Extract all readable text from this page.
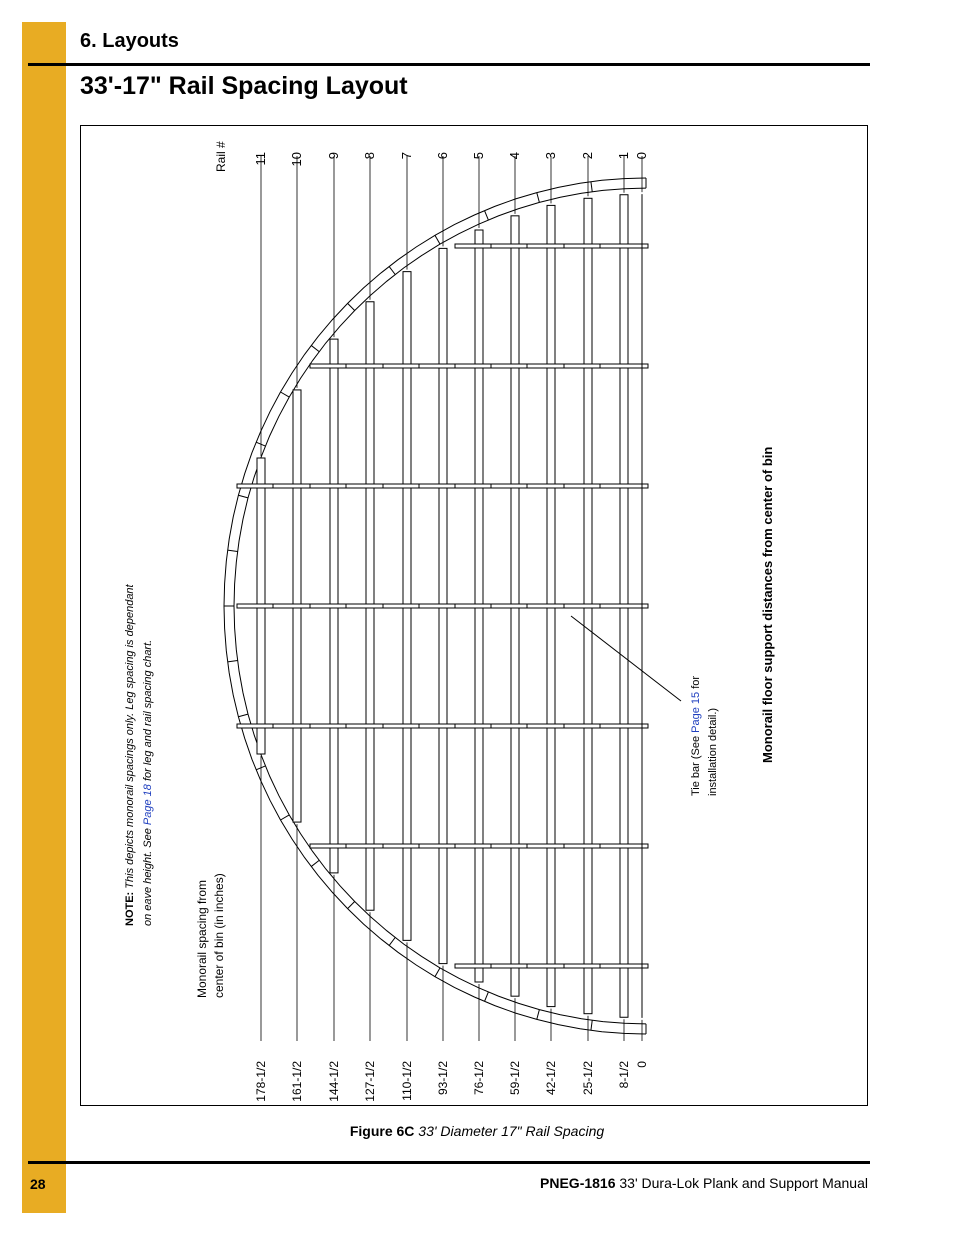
6. Layouts
33'-17" Rail Spacing Layout
11
178-1/2
10
161-1/2
9
144-1/2
8
127-1/2
7
110-1/2
6
93-1/2
5
76-1/2
4
59-1/2
3
42-1/2
2
25-1/2
1
8-1/2
0
0
NOTE: This depicts monorail spacings only. Leg spacing is dependant on eave height. See Page 18 for leg and rail spacing chart.
Monorail spacing from center of bin (in inches)
Rail #
Tie bar (See Page 15 for
installation detail.)	Monorail floor support distances from center of bin
Figure 6C 33' Diameter 17" Rail Spacing
28	PNEG-1816 33' Dura-Lok Plank and Support Manual
